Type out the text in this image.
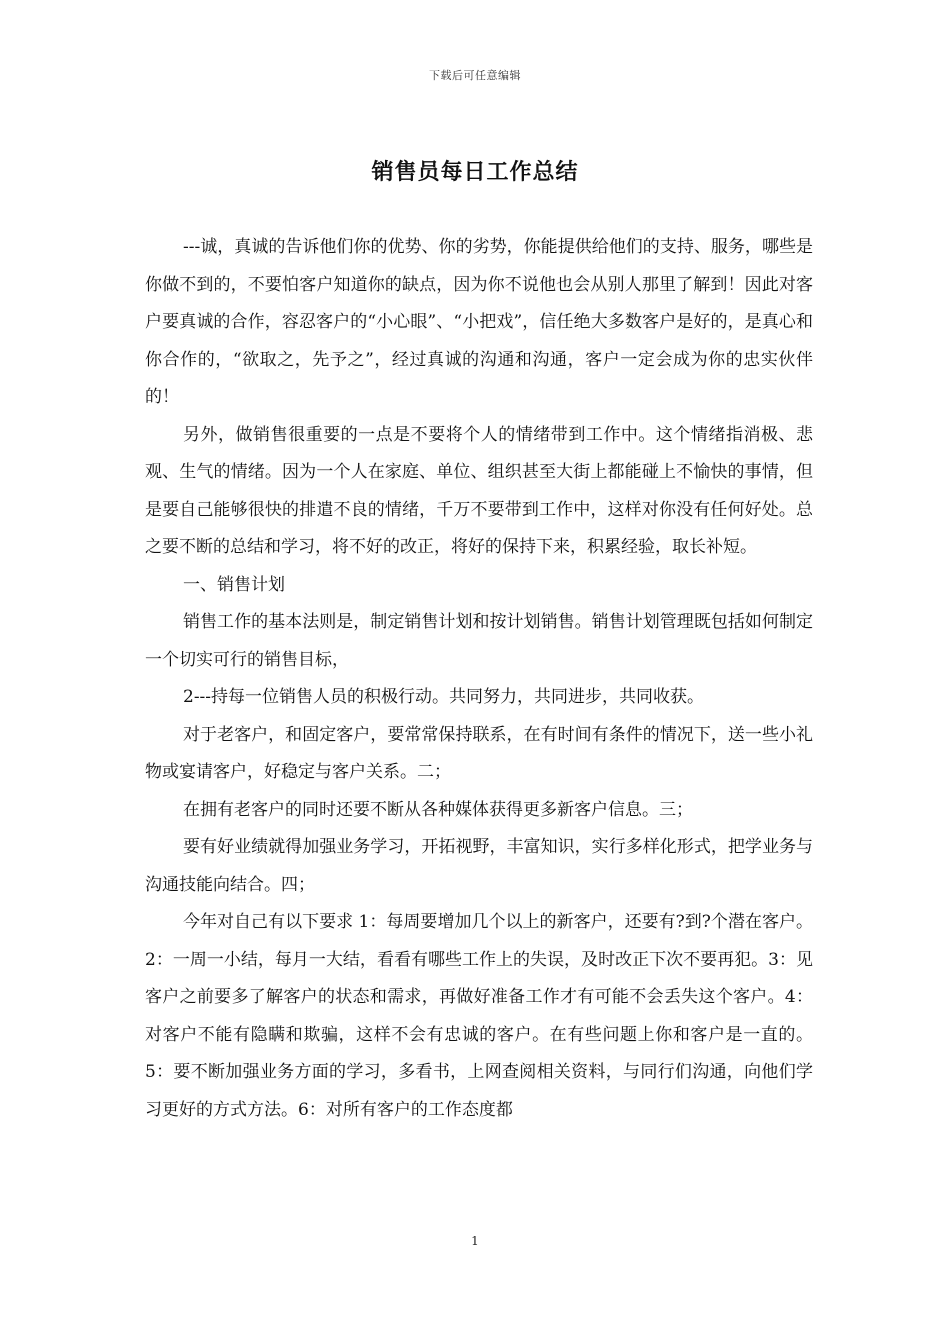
下载后可任意编辑
销售员每日工作总结

---诚，真诚的告诉他们你的优势、你的劣势，你能提供给他们的支持、服务，哪些是你做不到的，不要怕客户知道你的缺点，因为你不说他也会从别人那里了解到！因此对客户要真诚的合作，容忍客户的“小心眼”、“小把戏”，信任绝大多数客户是好的，是真心和你合作的，“欲取之，先予之”，经过真诚的沟通和沟通，客户一定会成为你的忠实伙伴的！

另外，做销售很重要的一点是不要将个人的情绪带到工作中。这个情绪指消极、悲观、生气的情绪。因为一个人在家庭、单位、组织甚至大街上都能碰上不愉快的事情，但是要自己能够很快的排遣不良的情绪，千万不要带到工作中，这样对你没有任何好处。总之要不断的总结和学习，将不好的改正，将好的保持下来，积累经验，取长补短。

一、销售计划

销售工作的基本法则是，制定销售计划和按计划销售。销售计划管理既包括如何制定一个切实可行的销售目标，

2---持每一位销售人员的积极行动。共同努力，共同进步，共同收获。

对于老客户，和固定客户，要常常保持联系，在有时间有条件的情况下，送一些小礼物或宴请客户，好稳定与客户关系。二；

在拥有老客户的同时还要不断从各种媒体获得更多新客户信息。三；

要有好业绩就得加强业务学习，开拓视野，丰富知识，实行多样化形式，把学业务与沟通技能向结合。四；

今年对自己有以下要求 1：每周要增加几个以上的新客户，还要有?到?个潜在客户。2：一周一小结，每月一大结，看看有哪些工作上的失误，及时改正下次不要再犯。3：见客户之前要多了解客户的状态和需求，再做好准备工作才有可能不会丢失这个客户。4：对客户不能有隐瞒和欺骗，这样不会有忠诚的客户。在有些问题上你和客户是一直的。5：要不断加强业务方面的学习，多看书，上网查阅相关资料，与同行们沟通，向他们学习更好的方式方法。6：对所有客户的工作态度都

1
